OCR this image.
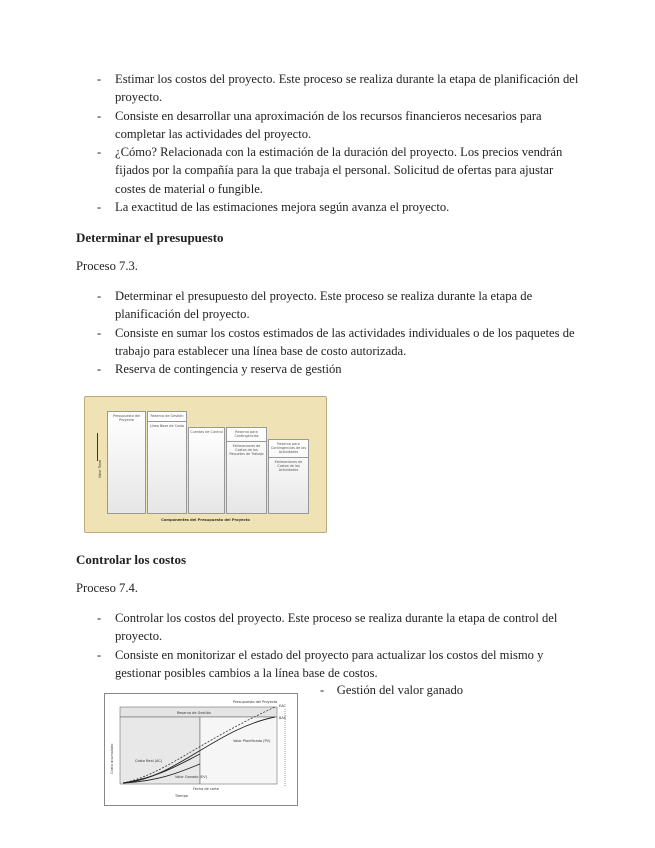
- Estimar los costos del proyecto. Este proceso se realiza durante la etapa de planificación del proyecto.
- Consiste en desarrollar una aproximación de los recursos financieros necesarios para completar las actividades del proyecto.
- ¿Cómo? Relacionada con la estimación de la duración del proyecto. Los precios vendrán fijados por la compañía para la que trabaja el personal. Solicitud de ofertas para ajustar costes de material o fungible.
- La exactitud de las estimaciones mejora según avanza el proyecto.
Determinar el presupuesto
Proceso 7.3.
- Determinar el presupuesto del proyecto. Este proceso se realiza durante la etapa de planificación del proyecto.
- Consiste en sumar los costos estimados de las actividades individuales o de los paquetes de trabajo para establecer una línea base de costo autorizada.
- Reserva de contingencia y reserva de gestión
Valor Total
Presupuesto del Proyecto
Reserva de Gestión
Línea Base de Costo
Cuentas de Control	Reserva para Contingencias
Estimaciones de Costos de los Paquetes de Trabajo
Reserva para Contingencias de las Actividades
Estimaciones de Costos de las Actividades
Componentes del Presupuesto del Proyecto
Controlar los costos
Proceso 7.4.
- Controlar los costos del proyecto. Este proceso se realiza durante la etapa de control del proyecto.
- Consiste en monitorizar el estado del proyecto para actualizar los costos del mismo y gestionar posibles cambios a la línea base de costos.
-    Gestión del valor ganado
Reserva de Gestión
Presupuesto del Proyecto
EAC
BAC
Valor Planificado (PV)
Costo Real (AC)
Valor Ganado (EV)
Fecha de corte
Tiempo
Costo acumulado
